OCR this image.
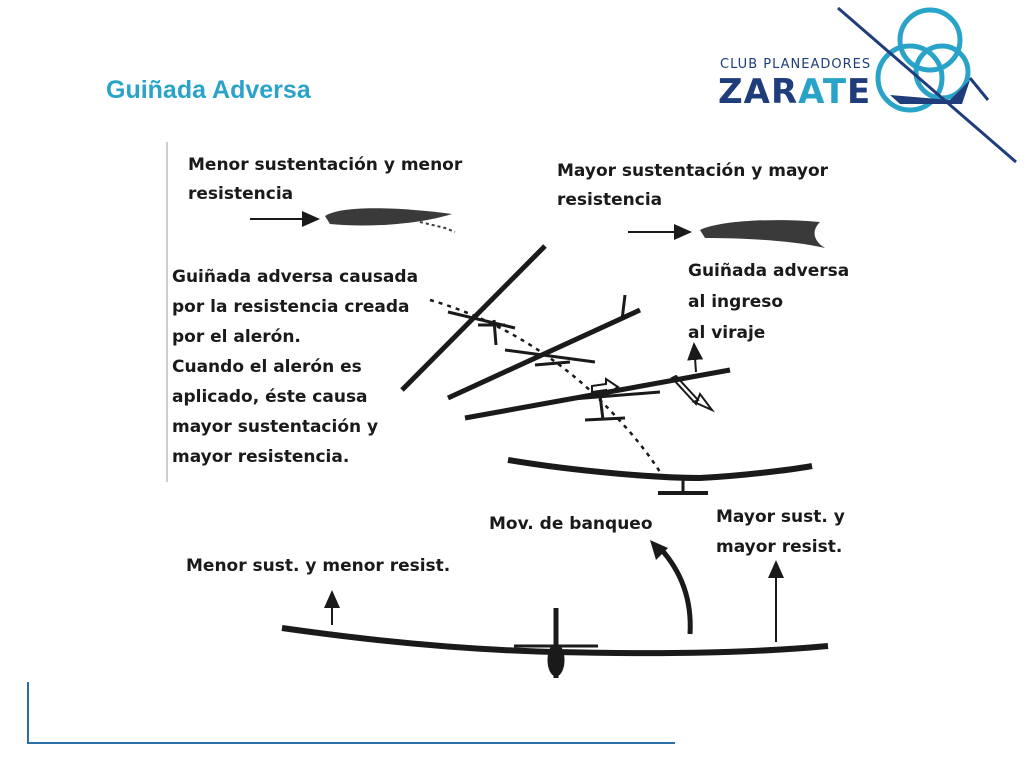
Guiñada Adversa
CLUB PLANEADORES
ZARATE
Menor sustentación y menor
resistencia
Mayor sustentación y mayor
resistencia
Guiñada adversa causada
por la resistencia creada
por el alerón.
Cuando el alerón es
aplicado, éste causa
mayor sustentación y
mayor resistencia.
Guiñada adversa
al ingreso
al viraje
Mov. de banqueo	Mayor sust. y
mayor resist.
Menor sust. y menor resist.
